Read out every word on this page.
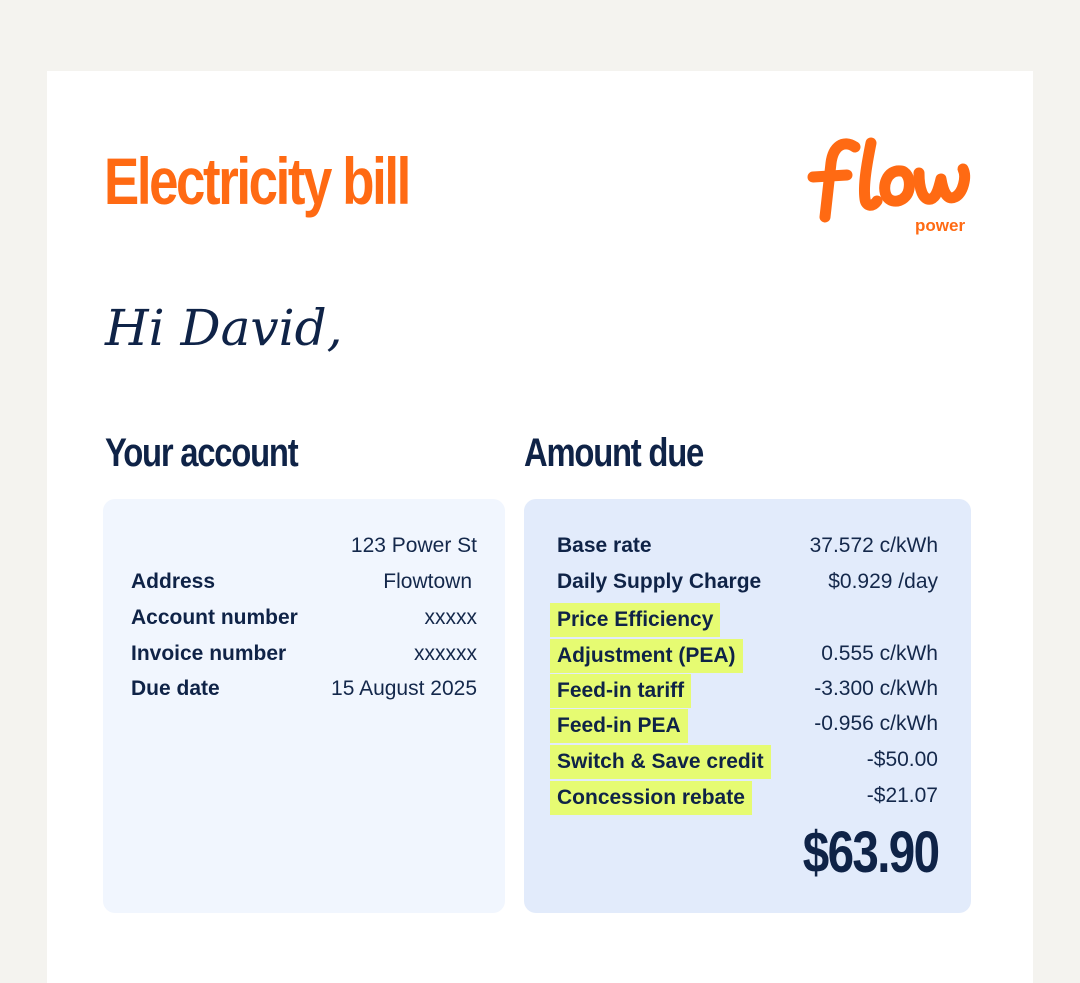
Electricity bill
power
Hi David,
Your account	Amount due
123 Power St
Address	Flowtown
Account number	xxxxx
Invoice number	xxxxxx
Due date	15 August 2025
Base rate	37.572 c/kWh
Daily Supply Charge	$0.929 /day
Price Efficiency
Adjustment (PEA)	0.555 c/kWh
Feed-in tariff	-3.300 c/kWh
Feed-in PEA	-0.956 c/kWh
Switch & Save credit	-$50.00
Concession rebate	-$21.07
$63.90
